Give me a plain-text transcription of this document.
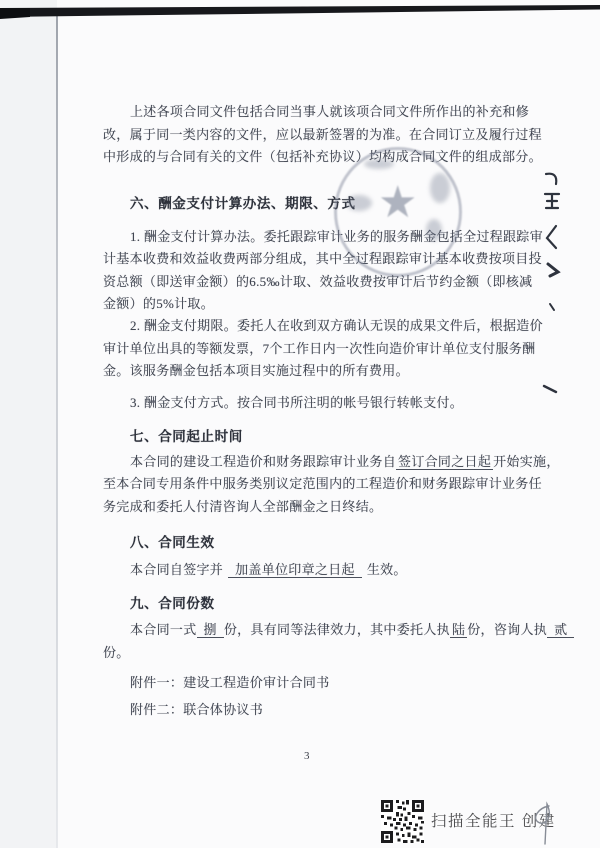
上述各项合同文件包括合同当事人就该项合同文件所作出的补充和修
改，属于同一类内容的文件，应以最新签署的为准。在合同订立及履行过程
中形成的与合同有关的文件（包括补充协议）均构成合同文件的组成部分。
六、酬金支付计算办法、期限、方式
1. 酬金支付计算办法。委托跟踪审计业务的服务酬金包括全过程跟踪审
计基本收费和效益收费两部分组成，其中全过程跟踪审计基本收费按项目投
资总额（即送审金额）的6.5‰计取、效益收费按审计后节约金额（即核减
金额）的5%计取。
2. 酬金支付期限。委托人在收到双方确认无误的成果文件后，根据造价
审计单位出具的等额发票，7个工作日内一次性向造价审计单位支付服务酬
金。该服务酬金包括本项目实施过程中的所有费用。
3. 酬金支付方式。按合同书所注明的帐号银行转帐支付。
七、合同起止时间
本合同的建设工程造价和财务跟踪审计业务自 签订合同之日起 开始实施，
至本合同专用条件中服务类别议定范围内的工程造价和财务跟踪审计业务任
务完成和委托人付清咨询人全部酬金之日终结。
八、合同生效
本合同自签字并 加盖单位印章之日起 生效。
九、合同份数
本合同一式 捌 份，具有同等法律效力，其中委托人执 陆 份，咨询人执 贰
份。
附件一：建设工程造价审计合同书
附件二：联合体协议书
★
3
扫描全能王 创建
